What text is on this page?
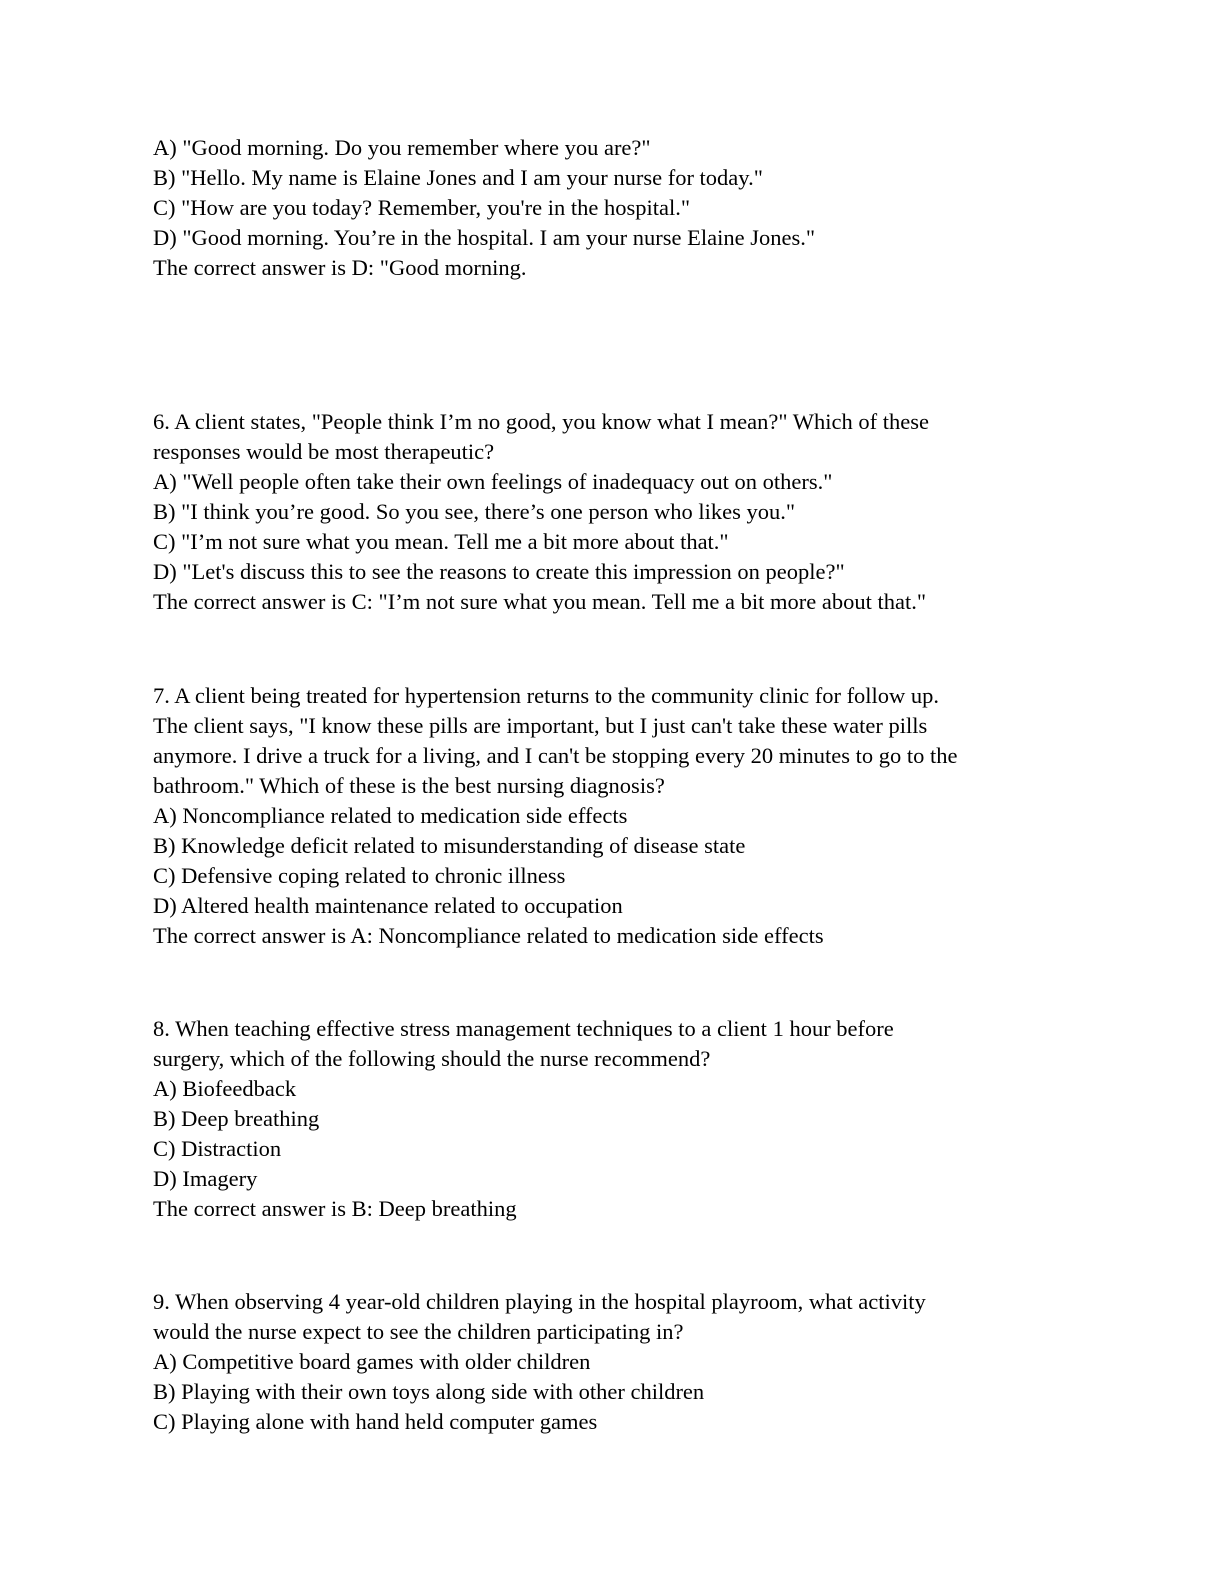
A) "Good morning. Do you remember where you are?"
B) "Hello. My name is Elaine Jones and I am your nurse for today."
C) "How are you today? Remember, you're in the hospital."
D) "Good morning. You’re in the hospital. I am your nurse Elaine Jones."
The correct answer is D: "Good morning.
6. A client states, "People think I’m no good, you know what I mean?" Which of these
responses would be most therapeutic?
A) "Well people often take their own feelings of inadequacy out on others."
B) "I think you’re good. So you see, there’s one person who likes you."
C) "I’m not sure what you mean. Tell me a bit more about that."
D) "Let's discuss this to see the reasons to create this impression on people?"
The correct answer is C: "I’m not sure what you mean. Tell me a bit more about that."
7. A client being treated for hypertension returns to the community clinic for follow up.
The client says, "I know these pills are important, but I just can't take these water pills
anymore. I drive a truck for a living, and I can't be stopping every 20 minutes to go to the
bathroom." Which of these is the best nursing diagnosis?
A) Noncompliance related to medication side effects
B) Knowledge deficit related to misunderstanding of disease state
C) Defensive coping related to chronic illness
D) Altered health maintenance related to occupation
The correct answer is A: Noncompliance related to medication side effects
8. When teaching effective stress management techniques to a client 1 hour before
surgery, which of the following should the nurse recommend?
A) Biofeedback
B) Deep breathing
C) Distraction
D) Imagery
The correct answer is B: Deep breathing
9. When observing 4 year-old children playing in the hospital playroom, what activity
would the nurse expect to see the children participating in?
A) Competitive board games with older children
B) Playing with their own toys along side with other children
C) Playing alone with hand held computer games
